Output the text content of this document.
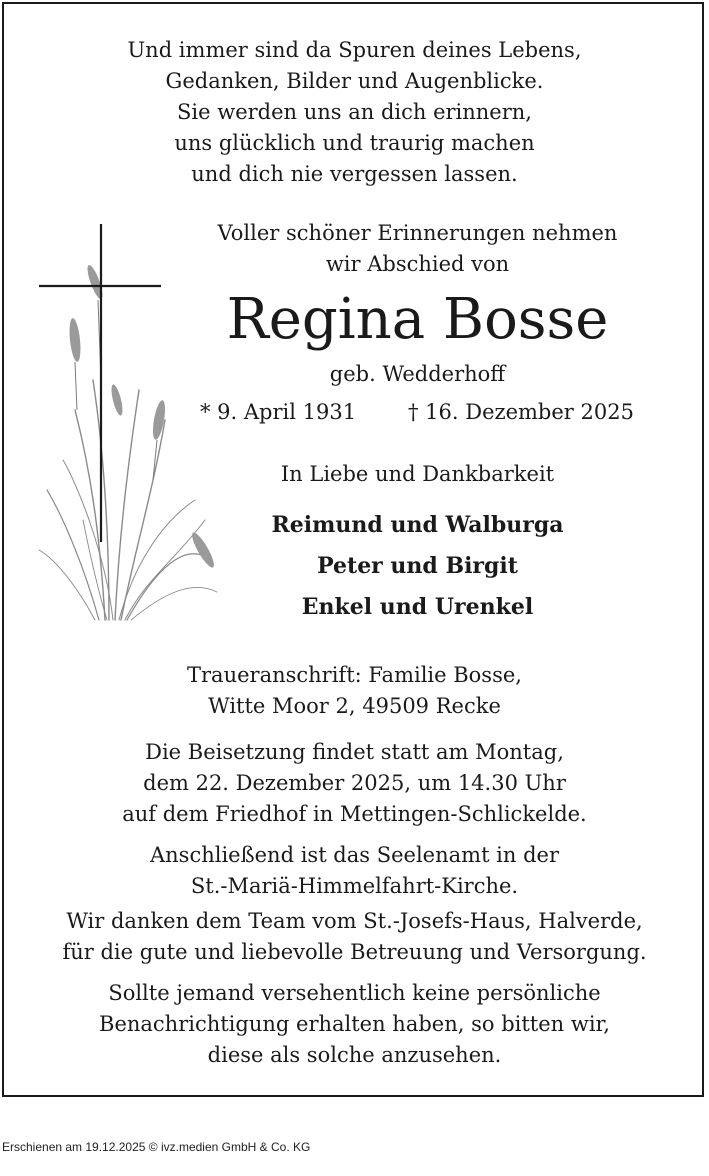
Und immer sind da Spuren deines Lebens,
Gedanken, Bilder und Augenblicke.
Sie werden uns an dich erinnern,
uns glücklich und traurig machen
und dich nie vergessen lassen.
Voller schöner Erinnerungen nehmen
wir Abschied von
Regina Bosse
geb. Wedderhoff
* 9. April 1931 † 16. Dezember 2025
In Liebe und Dankbarkeit
Reimund und Walburga
Peter und Birgit
Enkel und Urenkel
Traueranschrift: Familie Bosse,
Witte Moor 2, 49509 Recke
Die Beisetzung findet statt am Montag,
dem 22. Dezember 2025, um 14.30 Uhr
auf dem Friedhof in Mettingen-Schlickelde.
Anschließend ist das Seelenamt in der
St.-Mariä-Himmelfahrt-Kirche.
Wir danken dem Team vom St.-Josefs-Haus, Halverde,
für die gute und liebevolle Betreuung und Versorgung.
Sollte jemand versehentlich keine persönliche
Benachrichtigung erhalten haben, so bitten wir,
diese als solche anzusehen.
Erschienen am 19.12.2025 © ivz.medien GmbH & Co. KG
